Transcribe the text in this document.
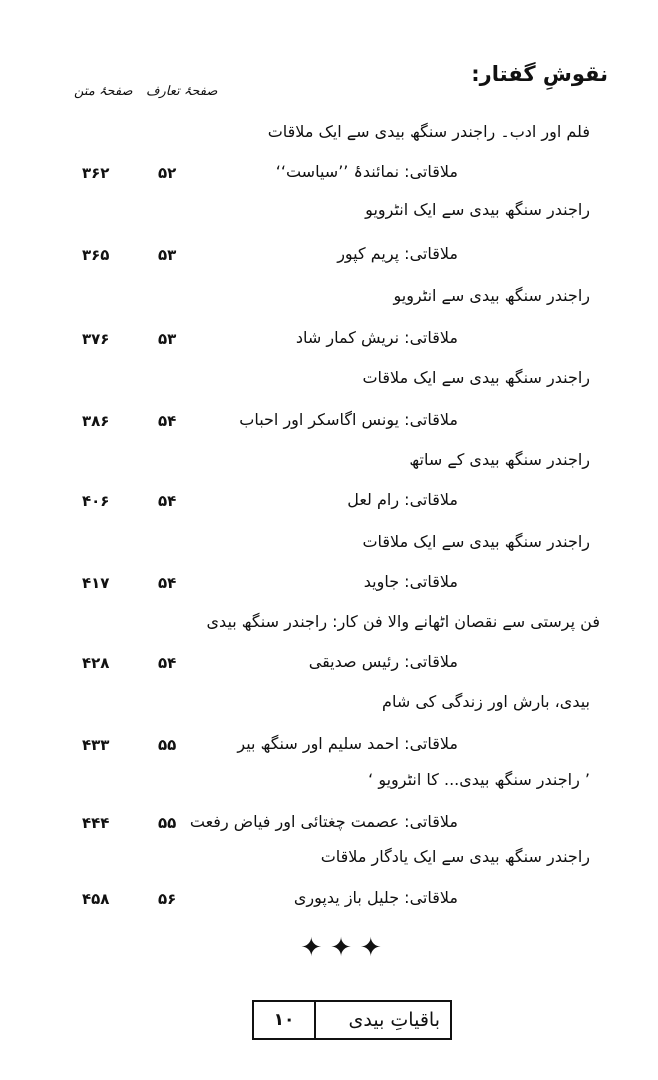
نقوشِ گفتار:
صفحۂ تعارف
صفحۂ متن
فلم اور ادب۔ راجندر سنگھ بیدی سے ایک ملاقات
ملاقاتی: نمائندۂ ’’سیاست‘‘
۵۲
۳۶۲
راجندر سنگھ بیدی سے ایک انٹرویو
ملاقاتی: پریم کپور
۵۳
۳۶۵
راجندر سنگھ بیدی سے انٹرویو
ملاقاتی: نریش کمار شاد
۵۳
۳۷۶
راجندر سنگھ بیدی سے ایک ملاقات
ملاقاتی: یونس اگاسکر اور احباب
۵۴
۳۸۶
راجندر سنگھ بیدی کے ساتھ
ملاقاتی: رام لعل
۵۴
۴۰۶
راجندر سنگھ بیدی سے ایک ملاقات
ملاقاتی: جاوید
۵۴
۴۱۷
فن پرستی سے نقصان اٹھانے والا فن کار: راجندر سنگھ بیدی
ملاقاتی: رئیس صدیقی
۵۴
۴۲۸
بیدی، بارش اور زندگی کی شام
ملاقاتی: احمد سلیم اور سنگھ بیر
۵۵
۴۳۳
’ راجندر سنگھ بیدی... کا انٹرویو ‘
ملاقاتی: عصمت چغتائی اور فیاض رفعت
۵۵
۴۴۴
راجندر سنگھ بیدی سے ایک یادگار ملاقات
ملاقاتی: جلیل باز یدپوری
۵۶
۴۵۸
✦✦✦
۱۰	باقیاتِ بیدی
